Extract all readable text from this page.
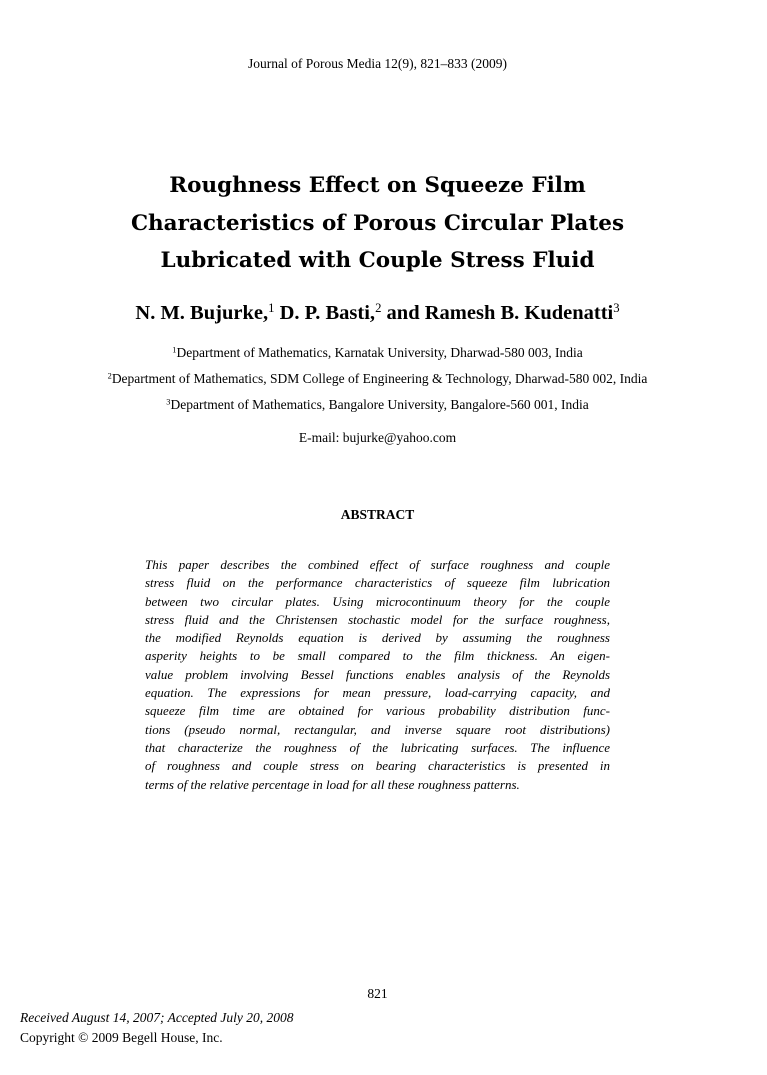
Journal of Porous Media 12(9), 821–833 (2009)
Roughness Effect on Squeeze Film
Characteristics of Porous Circular Plates
Lubricated with Couple Stress Fluid
N. M. Bujurke,$^1$ D. P. Basti,$^2$ and Ramesh B. Kudenatti$^3$
$^1$Department of Mathematics, Karnatak University, Dharwad-580 003, India
$^2$Department of Mathematics, SDM College of Engineering & Technology, Dharwad-580 002, India
$^3$Department of Mathematics, Bangalore University, Bangalore-560 001, India
E-mail: bujurke@yahoo.com
ABSTRACT
This paper describes the combined effect of surface roughness and couple
stress fluid on the performance characteristics of squeeze film lubrication
between two circular plates. Using microcontinuum theory for the couple
stress fluid and the Christensen stochastic model for the surface roughness,
the modified Reynolds equation is derived by assuming the roughness
asperity heights to be small compared to the film thickness. An eigen-
value problem involving Bessel functions enables analysis of the Reynolds
equation. The expressions for mean pressure, load-carrying capacity, and
squeeze film time are obtained for various probability distribution func-
tions (pseudo normal, rectangular, and inverse square root distributions)
that characterize the roughness of the lubricating surfaces. The influence
of roughness and couple stress on bearing characteristics is presented in
terms of the relative percentage in load for all these roughness patterns.
821
Received August 14, 2007; Accepted July 20, 2008
Copyright © 2009 Begell House, Inc.
